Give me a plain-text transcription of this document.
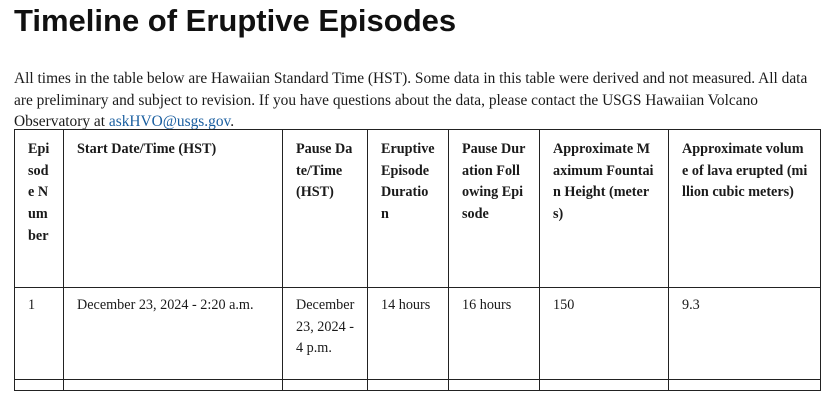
Timeline of Eruptive Episodes

All times in the table below are Hawaiian Standard Time (HST). Some data in this table were derived and not measured. All data are preliminary and subject to revision. If you have questions about the data, please contact the USGS Hawaiian Volcano Observatory at askHVO@usgs.gov.

Episode Number	Start Date/Time (HST)	Pause Date/Time (HST)	Eruptive Episode Duration	Pause Duration Following Episode	Approximate Maximum Fountain Height (meters)	Approximate volume of lava erupted (million cubic meters)
1	December 23, 2024 - 2:20 a.m.	December 23, 2024 - 4 p.m.	14 hours	16 hours	150	9.3
